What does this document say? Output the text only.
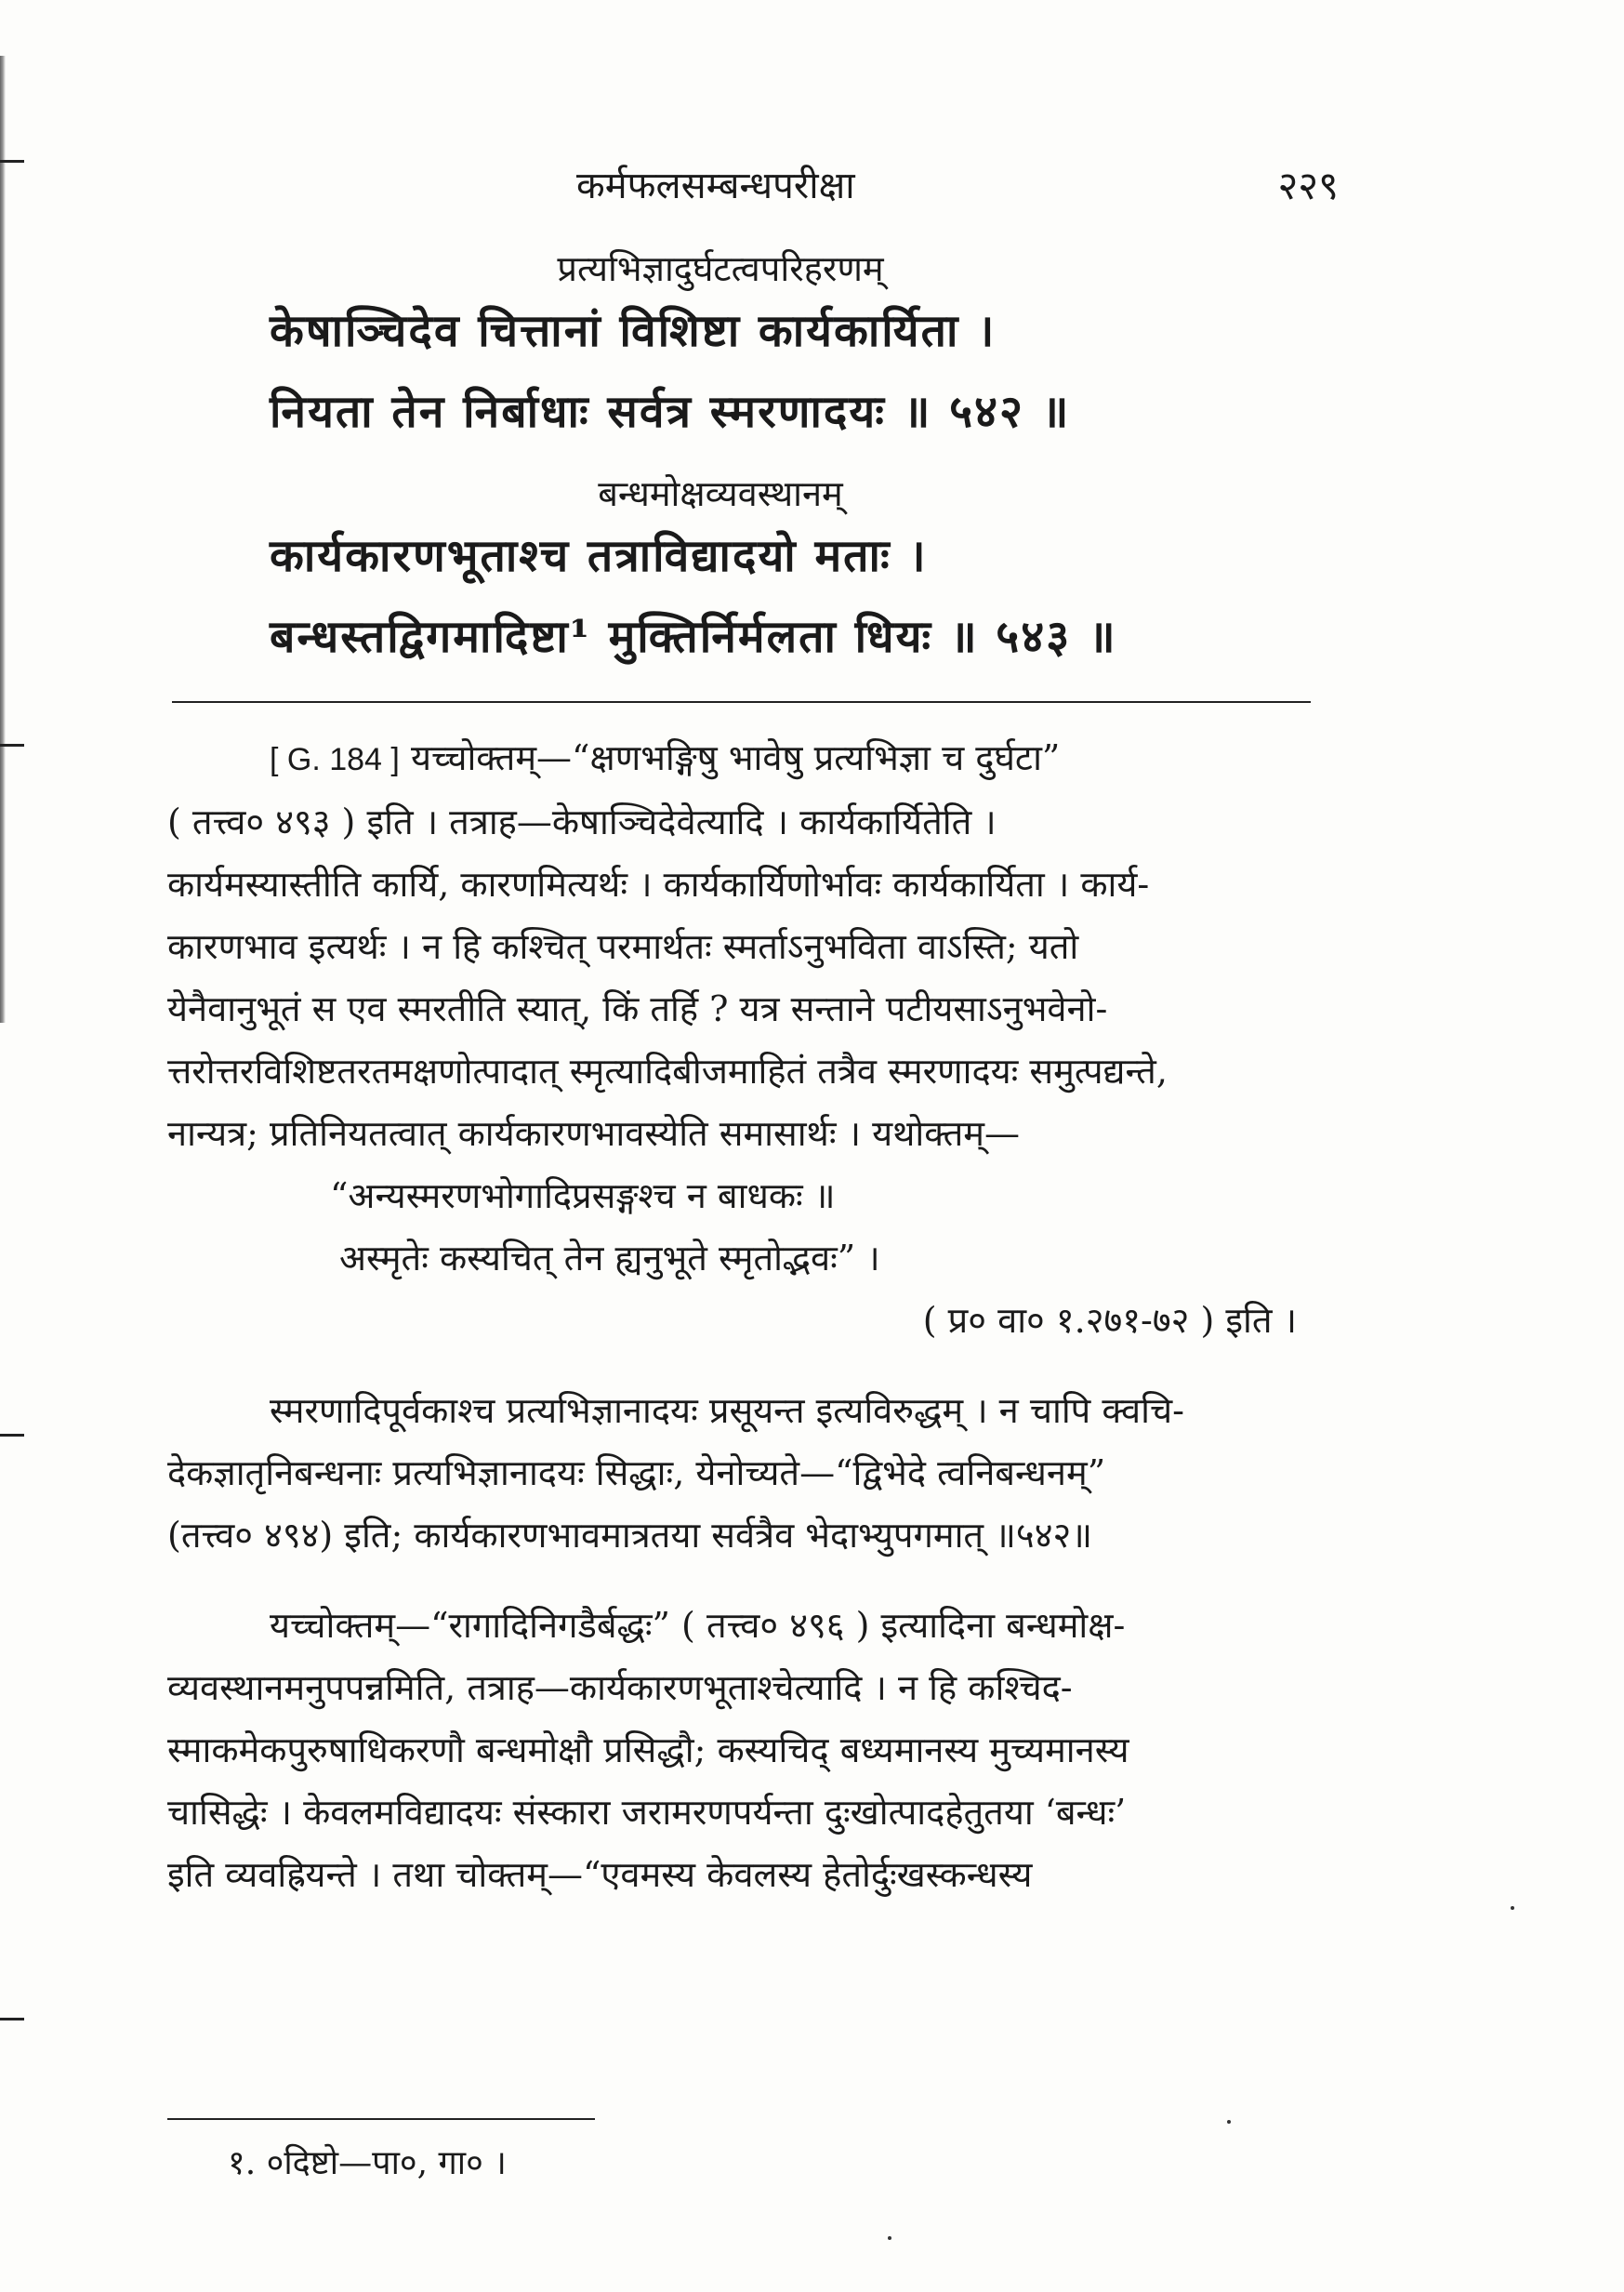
कर्मफलसम्बन्धपरीक्षा	२२९

प्रत्यभिज्ञादुर्घटत्वपरिहरणम्

केषाञ्चिदेव चित्तानां विशिष्टा कार्यकार्यिता ।

नियता तेन निर्बाधाः सर्वत्र स्मरणादयः ॥ ५४२ ॥

बन्धमोक्षव्यवस्थानम्

कार्यकारणभूताश्च तत्राविद्यादयो मताः ।

बन्धस्तद्विगमादिष्टा¹ मुक्तिर्निर्मलता धियः ॥ ५४३ ॥

[ G. 184 ] यच्चोक्तम्—“क्षणभङ्गिषु भावेषु प्रत्यभिज्ञा च दुर्घटा”

( तत्त्व० ४९३ ) इति । तत्राह—केषाञ्चिदेवेत्यादि । कार्यकार्यितेति ।

कार्यमस्यास्तीति कार्यि, कारणमित्यर्थः । कार्यकार्यिणोर्भावः कार्यकार्यिता । कार्य-

कारणभाव इत्यर्थः । न हि कश्चित् परमार्थतः स्मर्ताऽनुभविता वाऽस्ति; यतो

येनैवानुभूतं स एव स्मरतीति स्यात्, किं तर्हि ? यत्र सन्ताने पटीयसाऽनुभवेनो-

त्तरोत्तरविशिष्टतरतमक्षणोत्पादात् स्मृत्यादिबीजमाहितं तत्रैव स्मरणादयः समुत्पद्यन्ते,

नान्यत्र; प्रतिनियतत्वात् कार्यकारणभावस्येति समासार्थः । यथोक्तम्—

“अन्यस्मरणभोगादिप्रसङ्गश्च न बाधकः ॥

अस्मृतेः कस्यचित् तेन ह्यनुभूते स्मृतोद्भवः” ।

( प्र० वा० १.२७१-७२ ) इति ।

स्मरणादिपूर्वकाश्च प्रत्यभिज्ञानादयः प्रसूयन्त इत्यविरुद्धम् । न चापि क्वचि-

देकज्ञातृनिबन्धनाः प्रत्यभिज्ञानादयः सिद्धाः, येनोच्यते—“द्विभेदे त्वनिबन्धनम्”

(तत्त्व० ४९४) इति; कार्यकारणभावमात्रतया सर्वत्रैव भेदाभ्युपगमात् ॥५४२॥

यच्चोक्तम्—“रागादिनिगडैर्बद्धः” ( तत्त्व० ४९६ ) इत्यादिना बन्धमोक्ष-

व्यवस्थानमनुपपन्नमिति, तत्राह—कार्यकारणभूताश्चेत्यादि । न हि कश्चिद-

स्माकमेकपुरुषाधिकरणौ बन्धमोक्षौ प्रसिद्धौ; कस्यचिद् बध्यमानस्य मुच्यमानस्य

चासिद्धेः । केवलमविद्यादयः संस्कारा जरामरणपर्यन्ता दुःखोत्पादहेतुतया ‘बन्धः’

इति व्यवह्रियन्ते । तथा चोक्तम्—“एवमस्य केवलस्य हेतोर्दुःखस्कन्धस्य

१. ०दिष्टो—पा०, गा० ।
